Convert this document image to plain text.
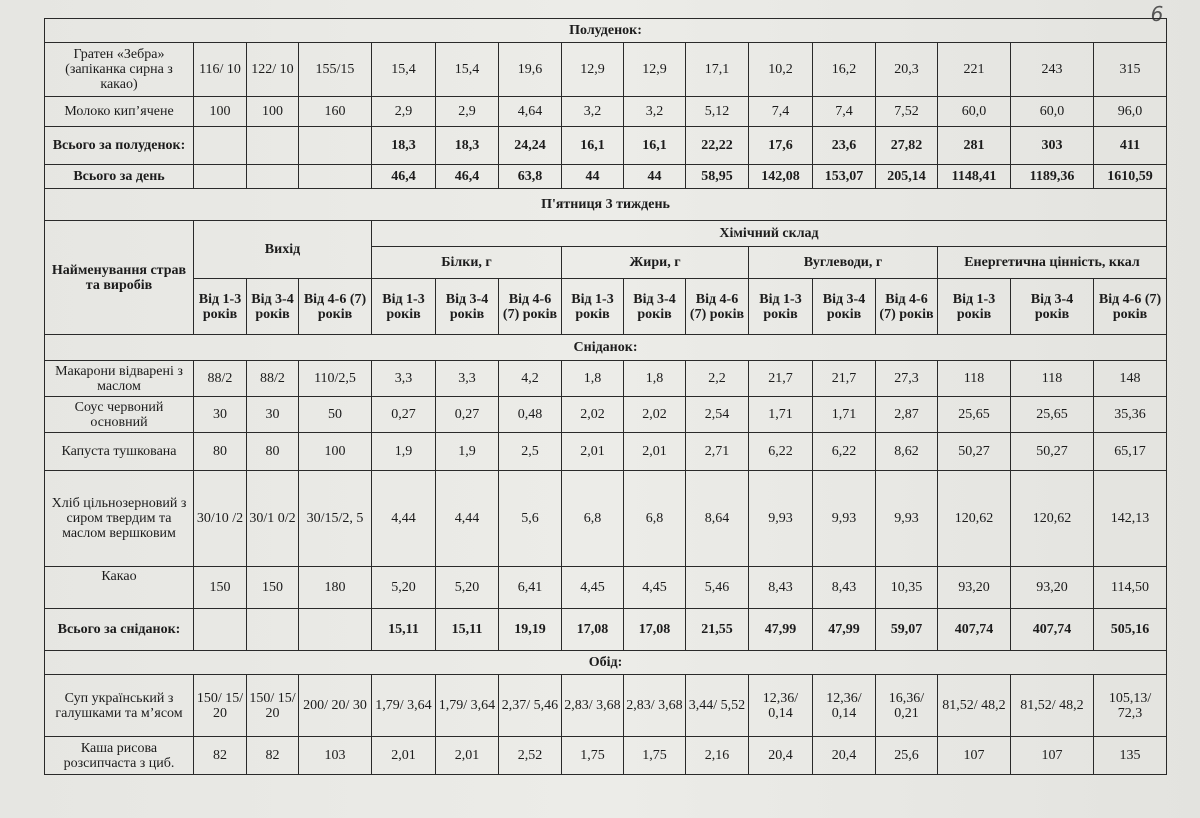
6
Полуденок:															
Гратен «Зебра» (запіканка сирна з какао)	116/ 10	122/ 10	155/15	15,4	15,4	19,6	12,9	12,9	17,1	10,2	16,2	20,3	221	243	315
Молоко кип’ячене	100	100	160	2,9	2,9	4,64	3,2	3,2	5,12	7,4	7,4	7,52	60,0	60,0	96,0
Всього за полуденок:				18,3	18,3	24,24	16,1	16,1	22,22	17,6	23,6	27,82	281	303	411
Всього за день				46,4	46,4	63,8	44	44	58,95	142,08	153,07	205,14	1148,41	1189,36	1610,59
П'ятниця 3 тиждень															
Найменування страв та виробів	Вихід			Хімічний склад											
				Білки, г			Жири, г			Вуглеводи, г			Енергетична цінність, ккал		
	Від 1-3 років	Від 3-4 років	Від 4-6 (7) років	Від 1-3 років	Від 3-4 років	Від 4-6 (7) років	Від 1-3 років	Від 3-4 років	Від 4-6 (7) років	Від 1-3 років	Від 3-4 років	Від 4-6 (7) років	Від 1-3 років	Від 3-4 років	Від 4-6 (7) років
Сніданок:															
Макарони відварені з маслом	88/2	88/2	110/2,5	3,3	3,3	4,2	1,8	1,8	2,2	21,7	21,7	27,3	118	118	148
Соус червоний основний	30	30	50	0,27	0,27	0,48	2,02	2,02	2,54	1,71	1,71	2,87	25,65	25,65	35,36
Капуста тушкована	80	80	100	1,9	1,9	2,5	2,01	2,01	2,71	6,22	6,22	8,62	50,27	50,27	65,17
Хліб цільнозерновий з сиром твердим та маслом вершковим	30/10 /2	30/1 0/2	30/15/2, 5	4,44	4,44	5,6	6,8	6,8	8,64	9,93	9,93	9,93	120,62	120,62	142,13
Какао	150	150	180	5,20	5,20	6,41	4,45	4,45	5,46	8,43	8,43	10,35	93,20	93,20	114,50
Всього за сніданок:				15,11	15,11	19,19	17,08	17,08	21,55	47,99	47,99	59,07	407,74	407,74	505,16
Обід:															
Суп український з галушками та м’ясом	150/ 15/ 20	150/ 15/ 20	200/ 20/ 30	1,79/ 3,64	1,79/ 3,64	2,37/ 5,46	2,83/ 3,68	2,83/ 3,68	3,44/ 5,52	12,36/ 0,14	12,36/ 0,14	16,36/ 0,21	81,52/ 48,2	81,52/ 48,2	105,13/ 72,3
Каша рисова розсипчаста з циб.	82	82	103	2,01	2,01	2,52	1,75	1,75	2,16	20,4	20,4	25,6	107	107	135
